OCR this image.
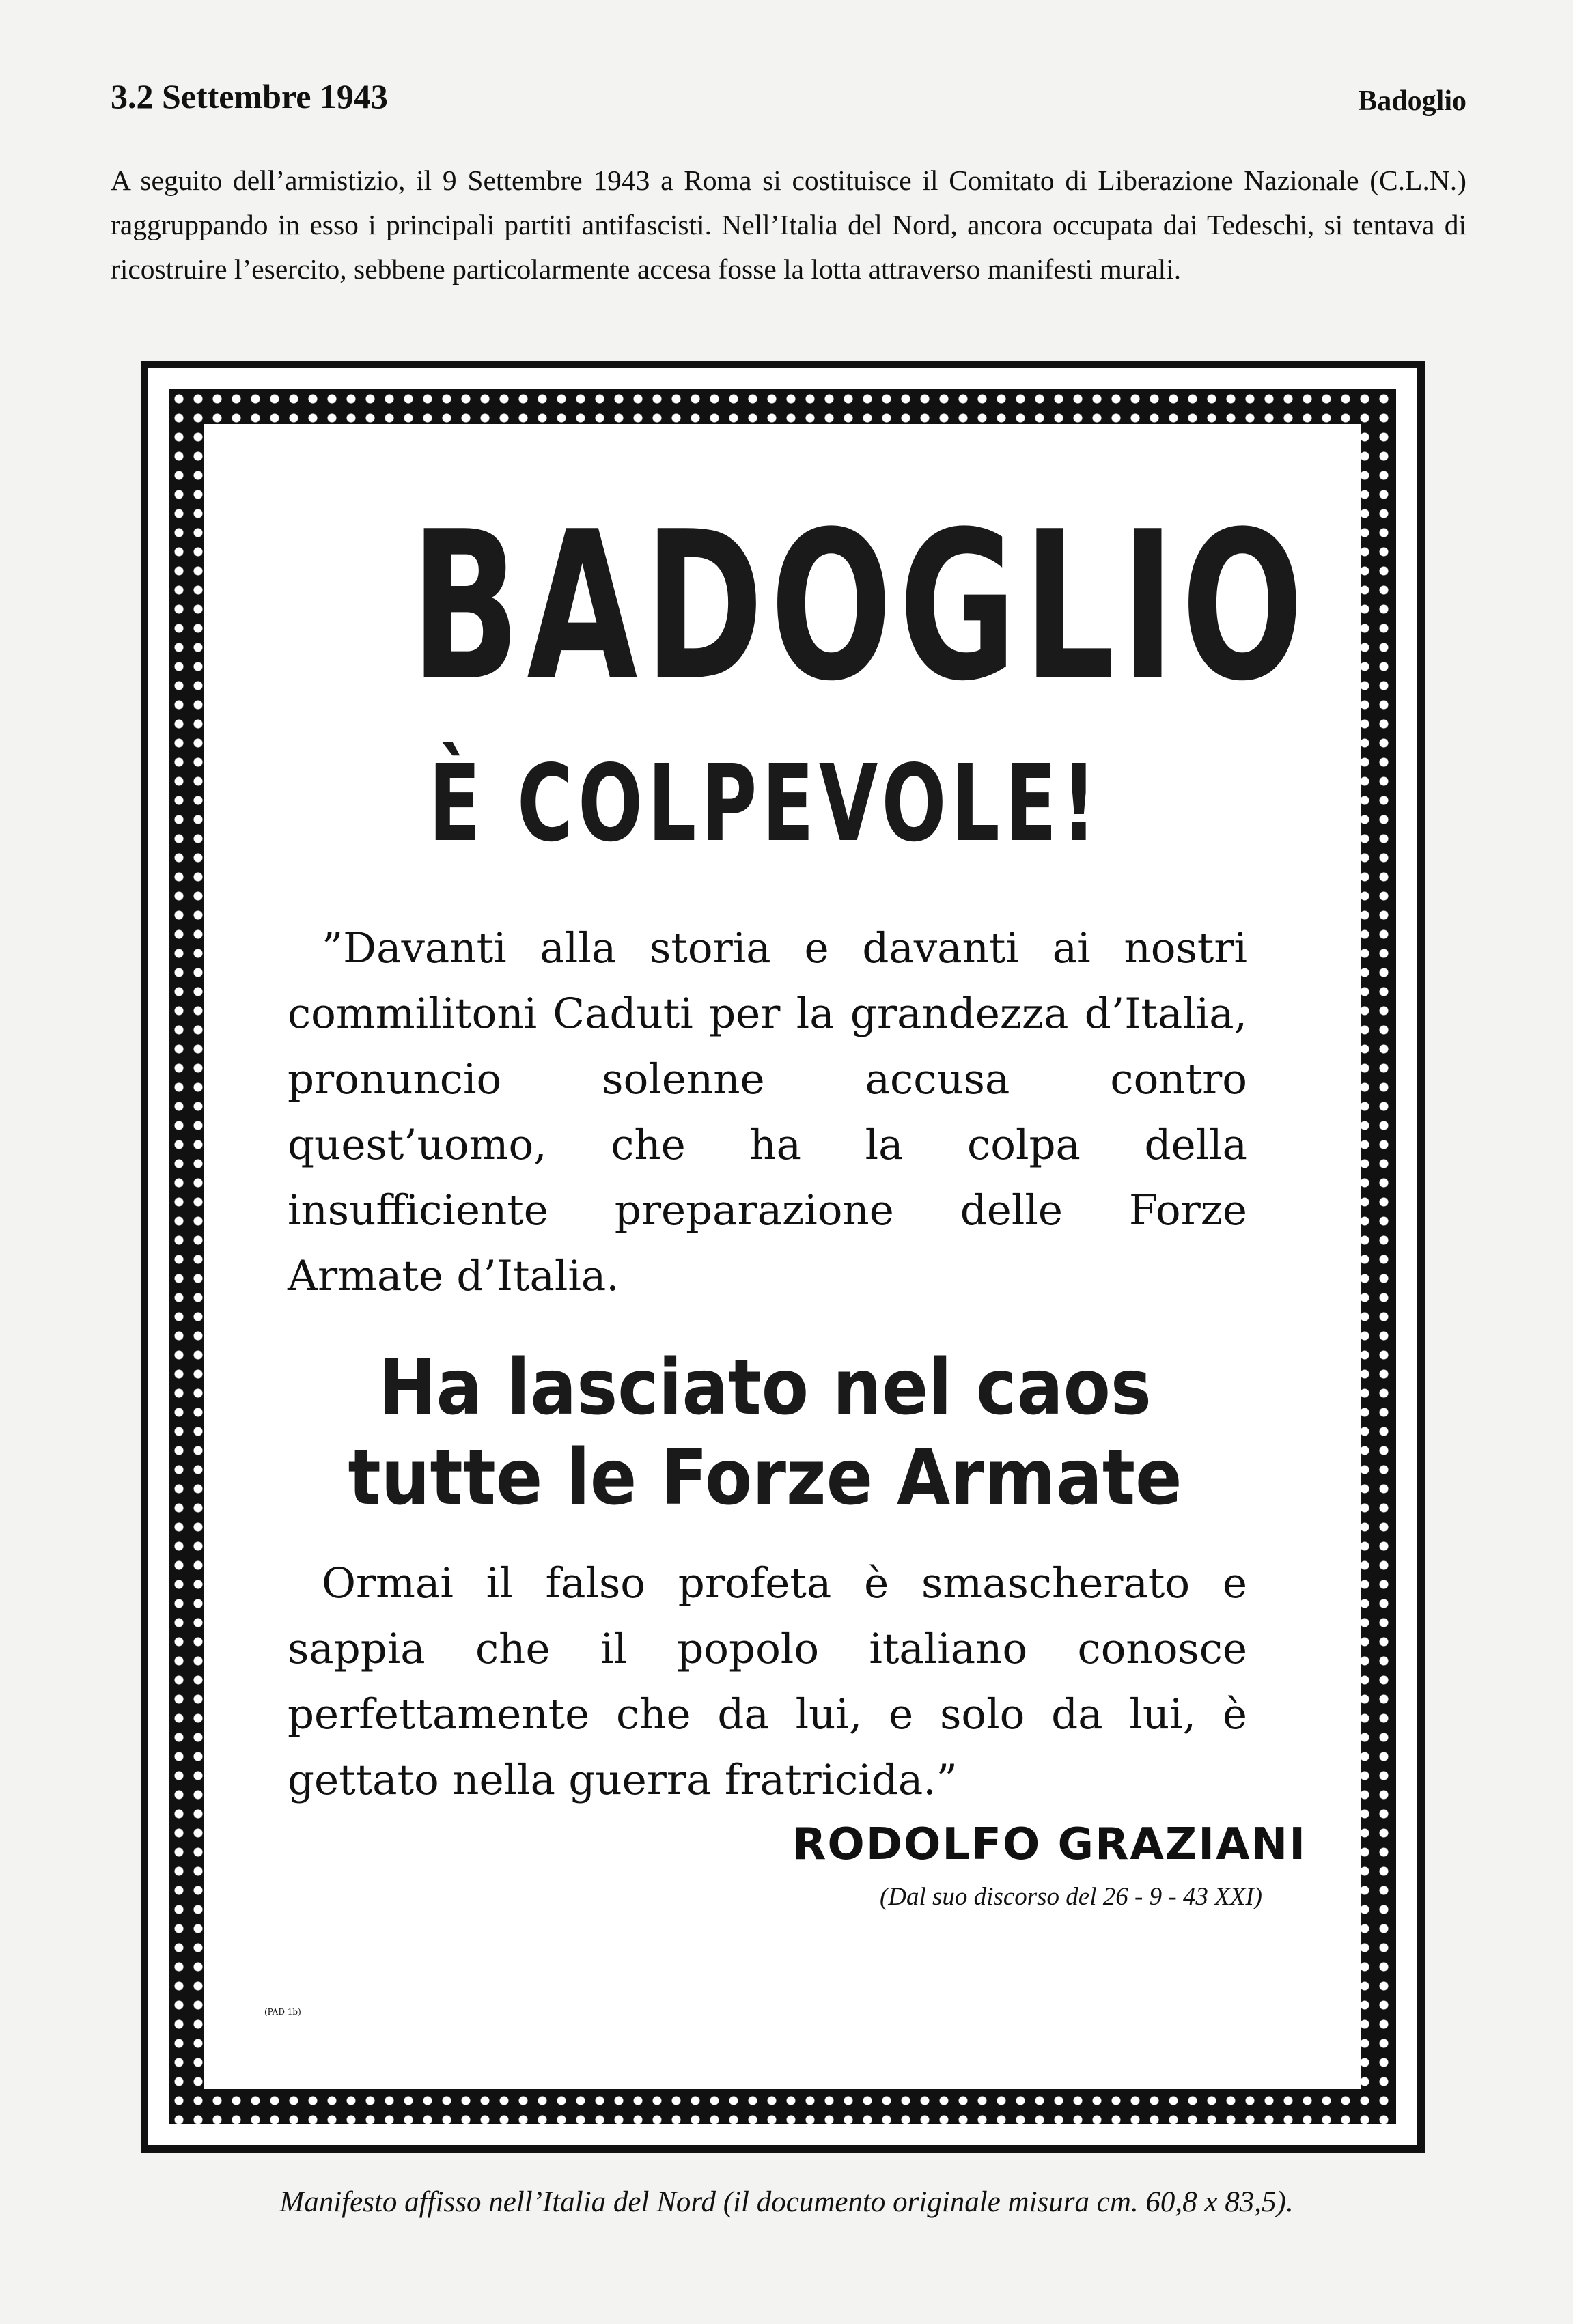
3.2 Settembre 1943	Badoglio
A seguito dell’armistizio, il 9 Settembre 1943 a Roma si costituisce il Comitato di Liberazione Nazionale (C.L.N.) raggruppando in esso i principali partiti antifascisti. Nell’Italia del Nord, ancora occupata dai Tedeschi, si tentava di ricostruire l’esercito, sebbene particolarmente accesa fosse la lotta attraverso manifesti murali.
BADOGLIO
È COLPEVOLE!
”Davanti alla storia e davanti ai nostri commilitoni Caduti per la grandezza d’Italia, pronuncio solenne accusa contro quest’uomo, che ha la colpa della insufficiente preparazione delle Forze Armate d’Italia.
Ha lasciato nel caos
tutte le Forze Armate
Ormai il falso profeta è smascherato e sappia che il popolo italiano conosce perfettamente che da lui, e solo da lui, è gettato nella guerra fratricida.”
RODOLFO GRAZIANI
(Dal suo discorso del 26 - 9 - 43 XXI)
(PAD 1b)
Manifesto affisso nell’Italia del Nord (il documento originale misura cm. 60,8 x 83,5).
